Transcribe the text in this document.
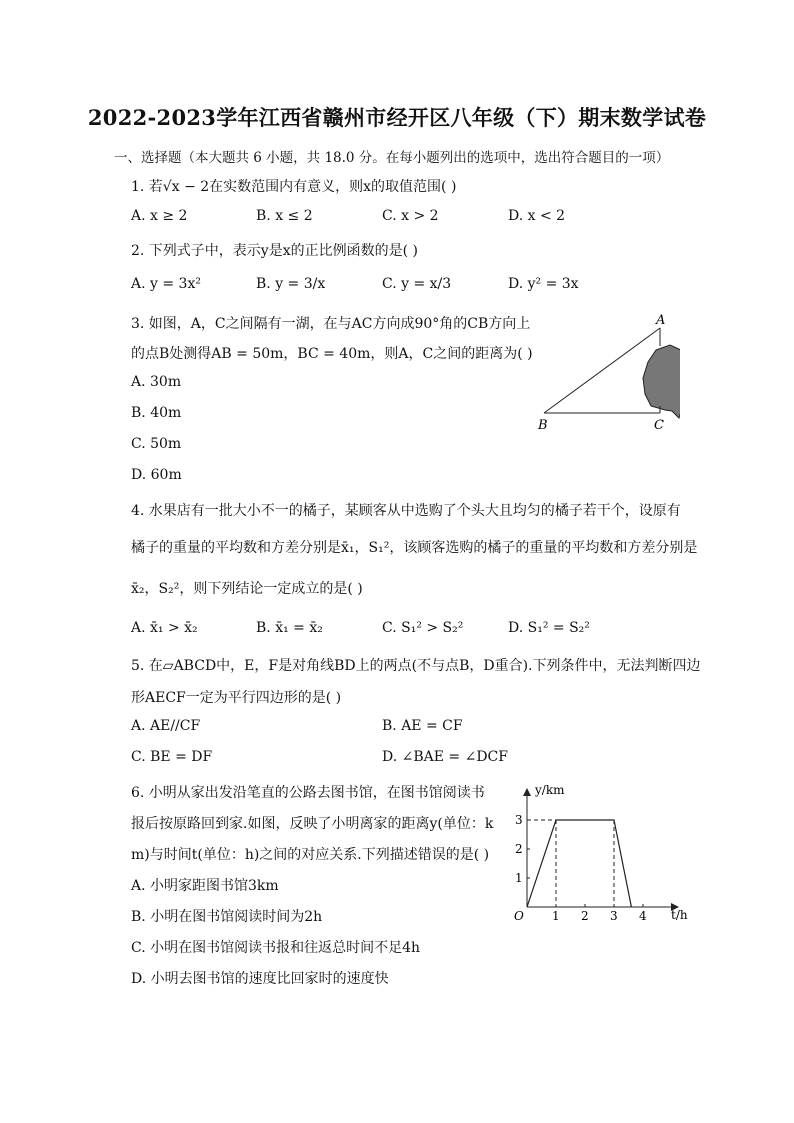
2022-2023学年江西省赣州市经开区八年级（下）期末数学试卷
一、选择题（本大题共 6 小题，共 18.0 分。在每小题列出的选项中，选出符合题目的一项）
1. 若√x − 2在实数范围内有意义，则x的取值范围( )
A. x ≥ 2	B. x ≤ 2	C. x > 2	D. x < 2
2. 下列式子中，表示y是x的正比例函数的是( )
A. y = 3x²	B. y = 3/x	C. y = x/3	D. y² = 3x
3. 如图，A，C之间隔有一湖，在与AC方向成90°角的CB方向上
的点B处测得AB = 50m，BC = 40m，则A，C之间的距离为( )
A. 30m
B. 40m
C. 50m
D. 60m
A
B	C
4. 水果店有一批大小不一的橘子，某顾客从中选购了个头大且均匀的橘子若干个，设原有
橘子的重量的平均数和方差分别是x̄₁，S₁²，该顾客选购的橘子的重量的平均数和方差分别是
x̄₂，S₂²，则下列结论一定成立的是( )
A. x̄₁ > x̄₂	B. x̄₁ = x̄₂	C. S₁² > S₂²	D. S₁² = S₂²
5. 在▱ABCD中，E，F是对角线BD上的两点(不与点B，D重合).下列条件中，无法判断四边
形AECF一定为平行四边形的是( )
A. AE//CF	B. AE = CF
C. BE = DF	D. ∠BAE = ∠DCF
6. 小明从家出发沿笔直的公路去图书馆，在图书馆阅读书
报后按原路回到家.如图，反映了小明离家的距离y(单位：k
m)与时间t(单位：h)之间的对应关系.下列描述错误的是( )
A. 小明家距图书馆3km
B. 小明在图书馆阅读时间为2h
C. 小明在图书馆阅读书报和往返总时间不足4h
D. 小明去图书馆的速度比回家时的速度快
y/km
t/h
O 1 2 3 4
1
2
3
